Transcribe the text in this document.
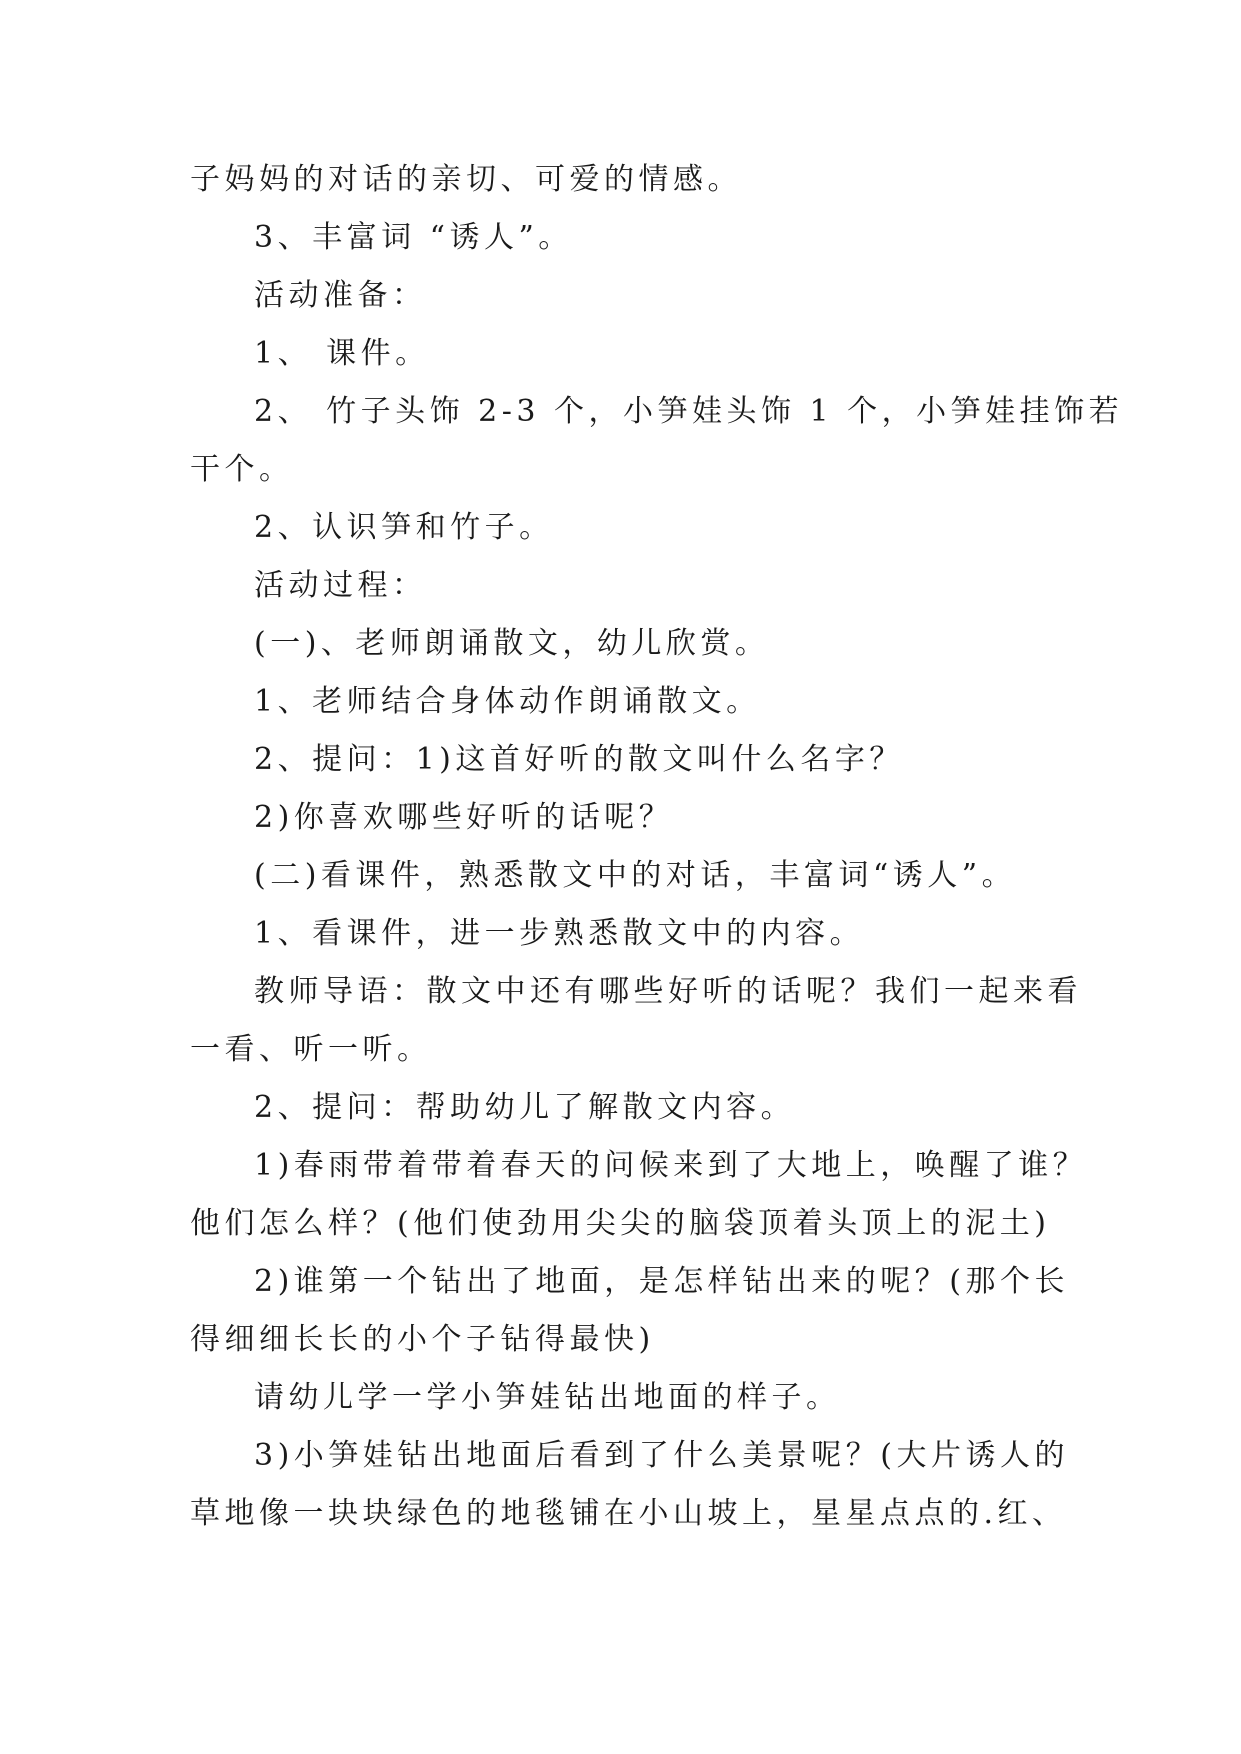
子妈妈的对话的亲切、可爱的情感。
3、丰富词 “诱人”。
活动准备：
1、 课件。
2、 竹子头饰 2-3 个，小笋娃头饰 1 个，小笋娃挂饰若
干个。
2、认识笋和竹子。
活动过程：
(一)、老师朗诵散文，幼儿欣赏。
1、老师结合身体动作朗诵散文。
2、提问：1)这首好听的散文叫什么名字？
2)你喜欢哪些好听的话呢？
(二)看课件，熟悉散文中的对话，丰富词“诱人”。
1、看课件，进一步熟悉散文中的内容。
教师导语：散文中还有哪些好听的话呢？我们一起来看
一看、听一听。
2、提问：帮助幼儿了解散文内容。
1)春雨带着带着春天的问候来到了大地上，唤醒了谁？
他们怎么样？(他们使劲用尖尖的脑袋顶着头顶上的泥土)
2)谁第一个钻出了地面，是怎样钻出来的呢？(那个长
得细细长长的小个子钻得最快)
请幼儿学一学小笋娃钻出地面的样子。
3)小笋娃钻出地面后看到了什么美景呢？(大片诱人的
草地像一块块绿色的地毯铺在小山坡上，星星点点的.红、
